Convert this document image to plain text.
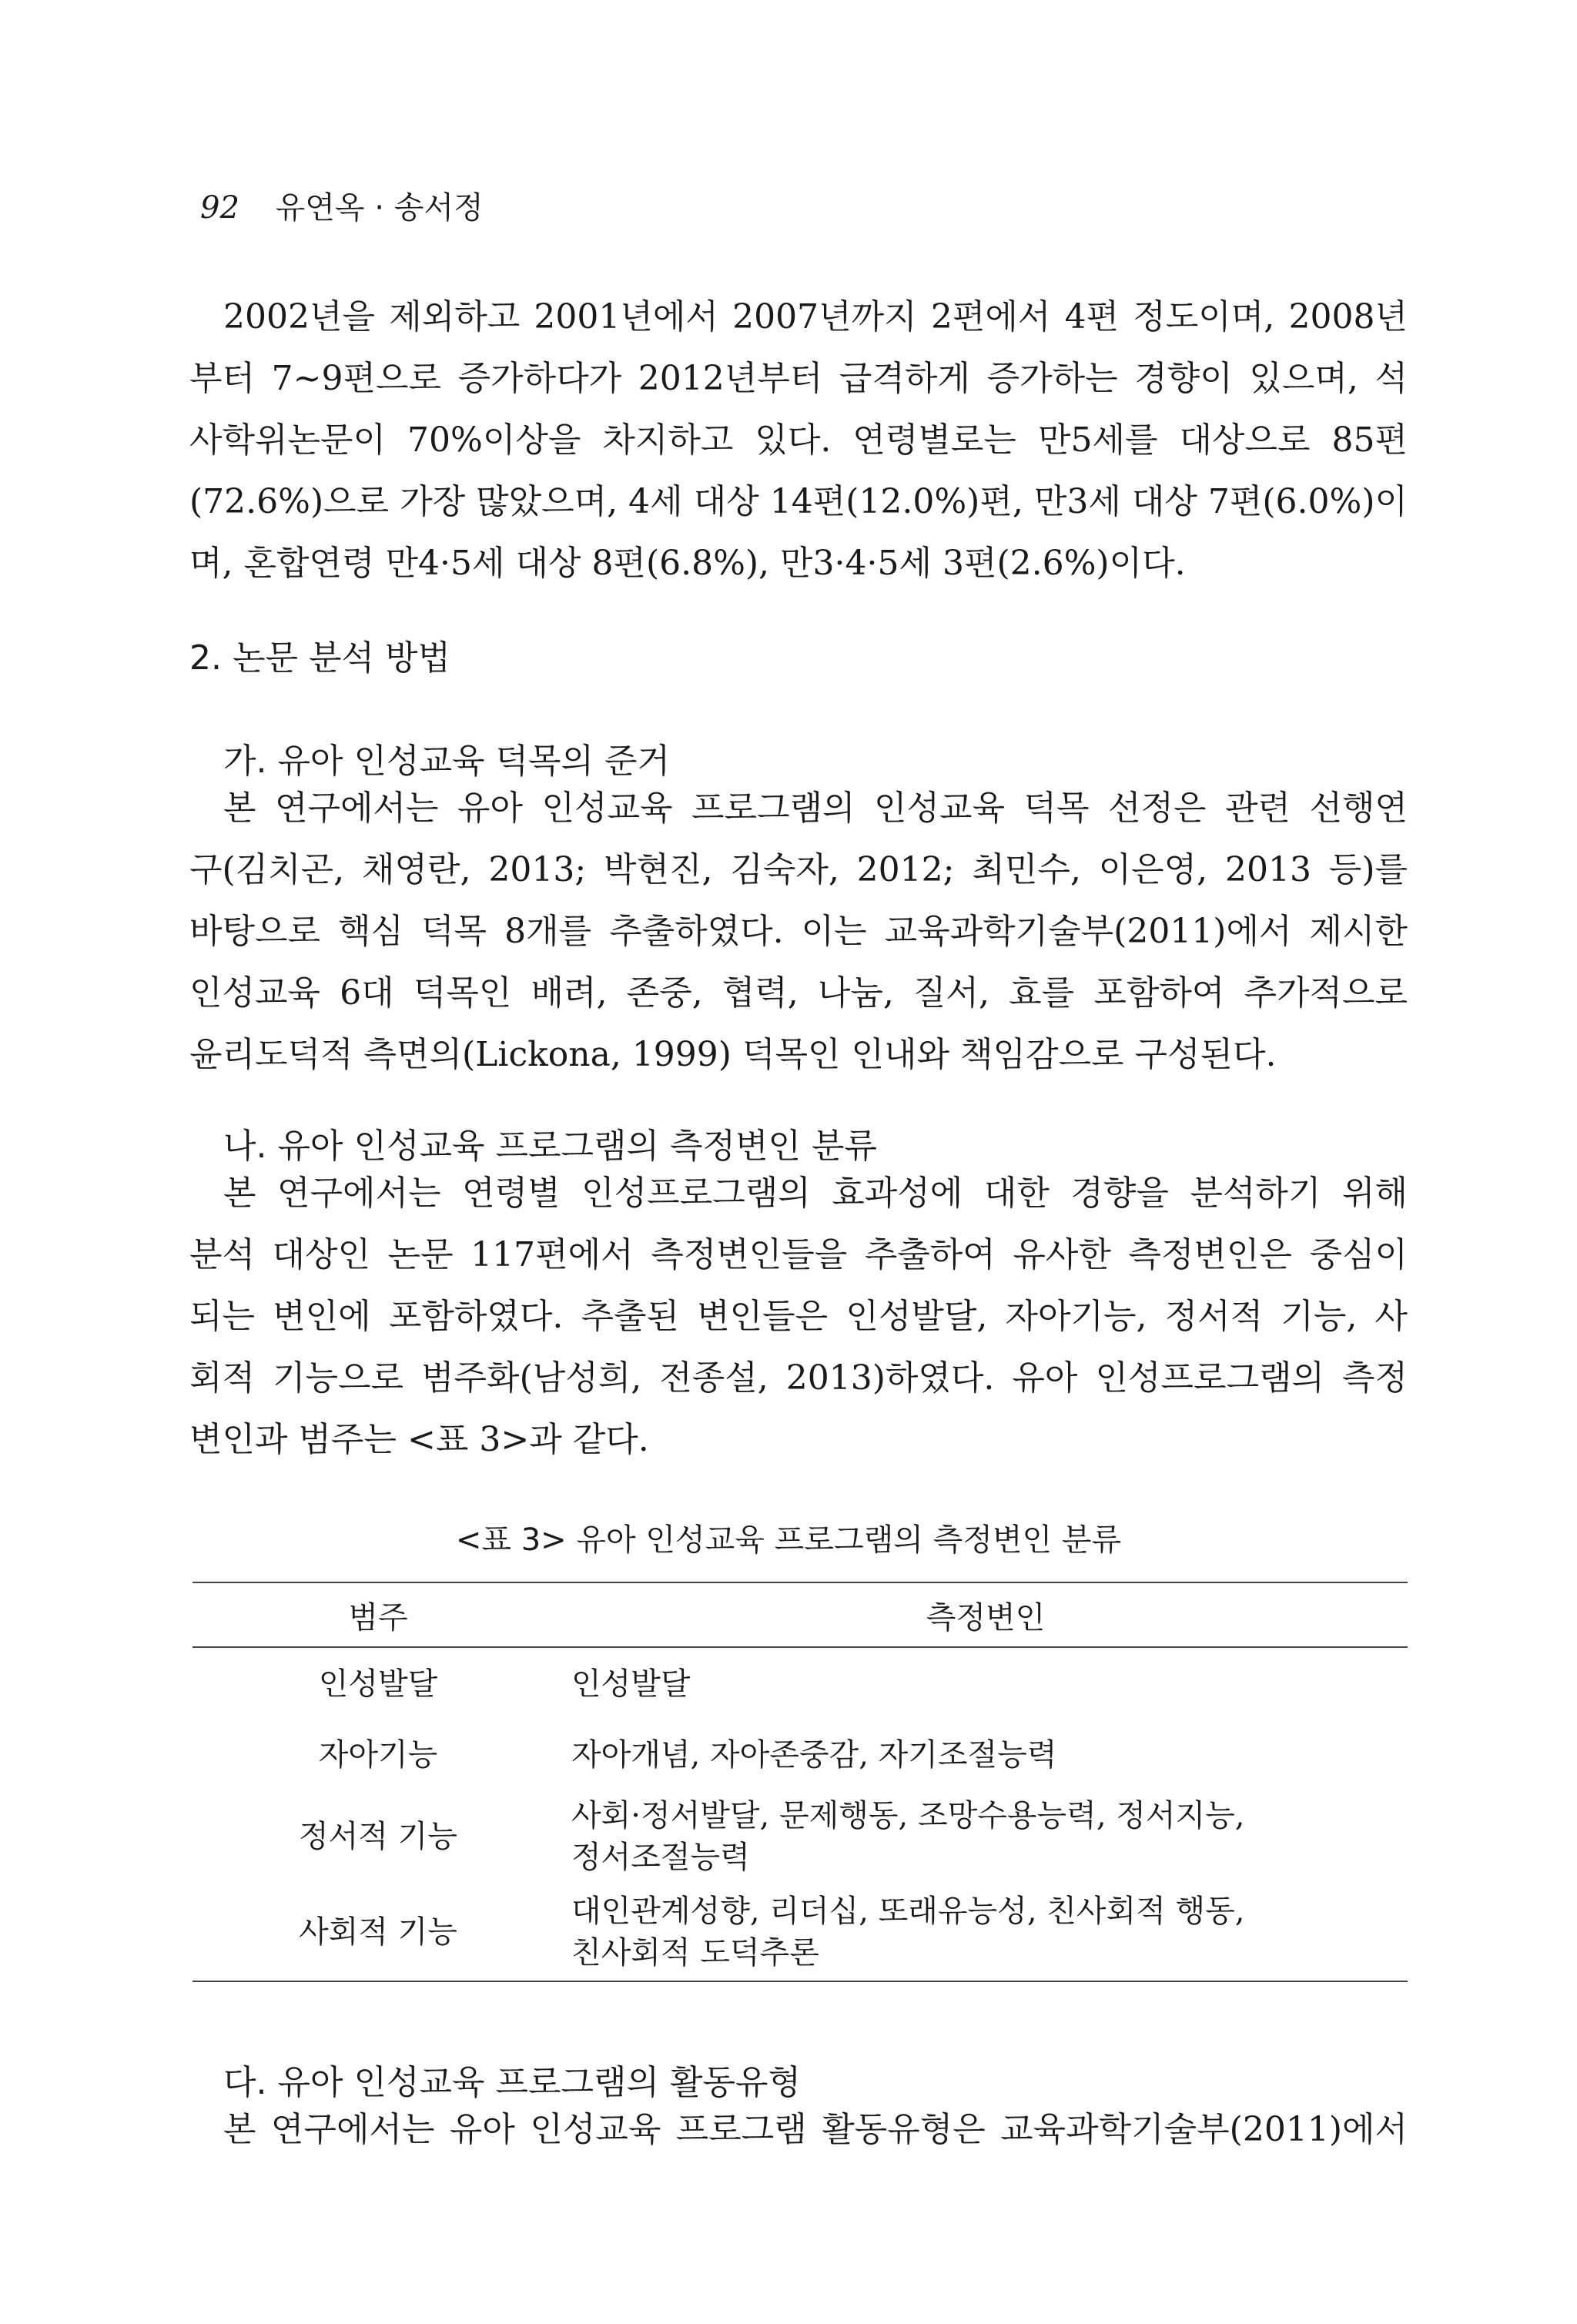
92 유연옥 · 송서정
2002년을 제외하고 2001년에서 2007년까지 2편에서 4편 정도이며, 2008년
부터 7~9편으로 증가하다가 2012년부터 급격하게 증가하는 경향이 있으며, 석
사학위논문이 70%이상을 차지하고 있다. 연령별로는 만5세를 대상으로 85편
(72.6%)으로 가장 많았으며, 4세 대상 14편(12.0%)편, 만3세 대상 7편(6.0%)이
며, 혼합연령 만4·5세 대상 8편(6.8%), 만3·4·5세 3편(2.6%)이다.
2. 논문 분석 방법
가. 유아 인성교육 덕목의 준거
본 연구에서는 유아 인성교육 프로그램의 인성교육 덕목 선정은 관련 선행연
구(김치곤, 채영란, 2013; 박현진, 김숙자, 2012; 최민수, 이은영, 2013 등)를
바탕으로 핵심 덕목 8개를 추출하였다. 이는 교육과학기술부(2011)에서 제시한
인성교육 6대 덕목인 배려, 존중, 협력, 나눔, 질서, 효를 포함하여 추가적으로
윤리도덕적 측면의(Lickona, 1999) 덕목인 인내와 책임감으로 구성된다.
나. 유아 인성교육 프로그램의 측정변인 분류
본 연구에서는 연령별 인성프로그램의 효과성에 대한 경향을 분석하기 위해
분석 대상인 논문 117편에서 측정변인들을 추출하여 유사한 측정변인은 중심이
되는 변인에 포함하였다. 추출된 변인들은 인성발달, 자아기능, 정서적 기능, 사
회적 기능으로 범주화(남성희, 전종설, 2013)하였다. 유아 인성프로그램의 측정
변인과 범주는 <표 3>과 같다.
<표 3> 유아 인성교육 프로그램의 측정변인 분류
범주	측정변인
인성발달	인성발달

자아기능	자아개념, 자아존중감, 자기조절능력

정서적 기능	사회·정서발달, 문제행동, 조망수용능력, 정서지능,
정서조절능력

사회적 기능	대인관계성향, 리더십, 또래유능성, 친사회적 행동,
친사회적 도덕추론
다. 유아 인성교육 프로그램의 활동유형
본 연구에서는 유아 인성교육 프로그램 활동유형은 교육과학기술부(2011)에서
